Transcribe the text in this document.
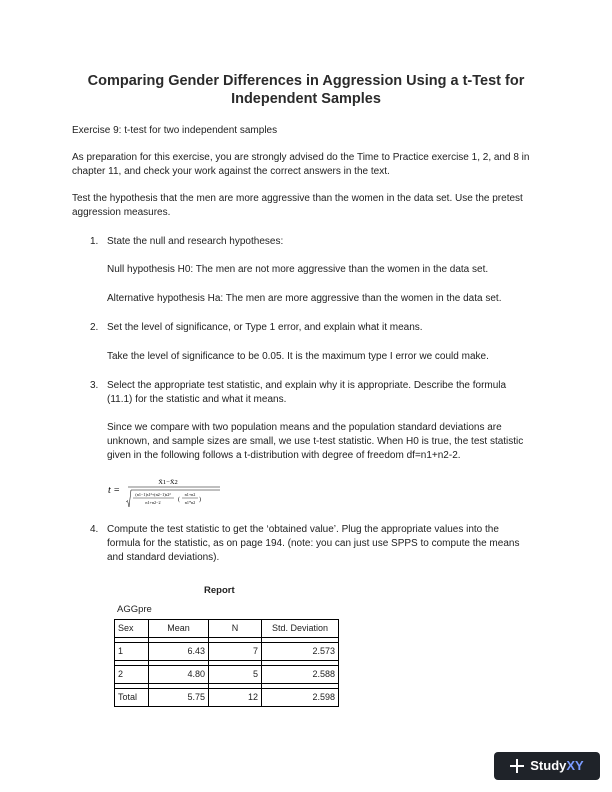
Comparing Gender Differences in Aggression Using a t-Test for Independent Samples

Exercise 9: t-test for two independent samples

As preparation for this exercise, you are strongly advised do the Time to Practice exercise 1, 2, and 8 in chapter 11, and check your work against the correct answers in the text.

Test the hypothesis that the men are more aggressive than the women in the data set. Use the pretest aggression measures.

1. State the null and research hypotheses:

Null hypothesis H0: The men are not more aggressive than the women in the data set.

Alternative hypothesis Ha: The men are more aggressive than the women in the data set.

2. Set the level of significance, or Type 1 error, and explain what it means.

Take the level of significance to be 0.05. It is the maximum type I error we could make.

3. Select the appropriate test statistic, and explain why it is appropriate. Describe the formula (11.1) for the statistic and what it means.

Since we compare with two population means and the population standard deviations are unknown, and sample sizes are small, we use t-test statistic. When H0 is true, the test statistic given in the following follows a t-distribution with degree of freedom df=n1+n2-2.

t =
X̄1−X̄2
(n1−1)s1²+(n2−1)s2²
n1+n2−2	(
n1+n2
n1*n2 )
4. Compute the test statistic to get the ‘obtained value’. Plug the appropriate values into the formula for the statistic, as on page 194. (note: you can just use SPPS to compute the means and standard deviations).
Report
AGGpre
Sex	Mean	N	Std. Deviation

1	6.43	7	2.573

2	4.80	5	2.588

Total	5.75	12	2.598
StudyXY
